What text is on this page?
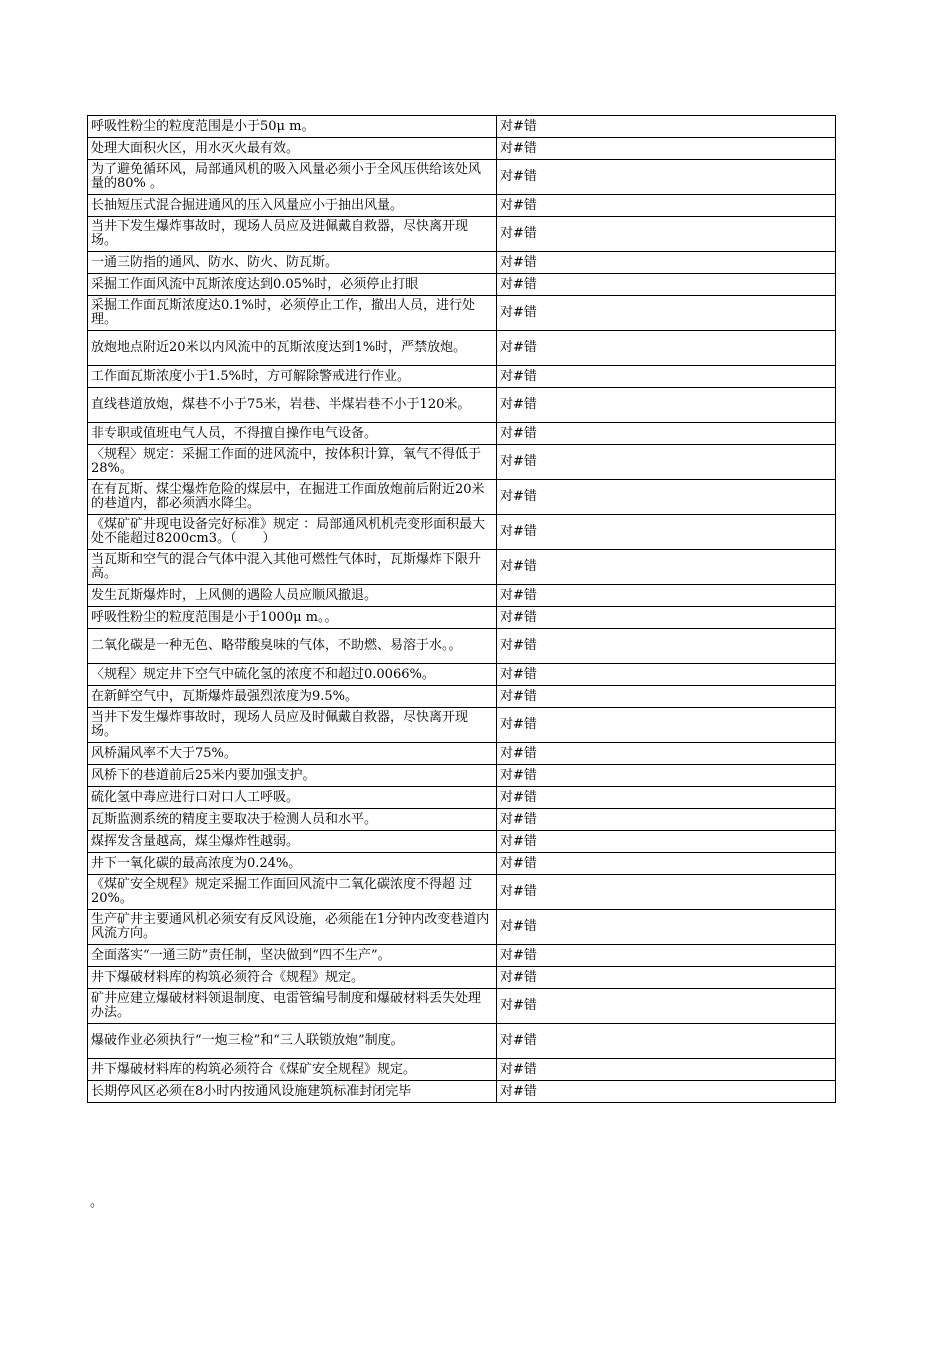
呼吸性粉尘的粒度范围是小于50μ m。	对#错
处理大面积火区，用水灭火最有效。	对#错
为了避免循环风，局部通风机的吸入风量必须小于全风压供给该处风量的80% 。	对#错
长抽短压式混合掘进通风的压入风量应小于抽出风量。	对#错
当井下发生爆炸事故时，现场人员应及进佩戴自救器，尽快离开现场。	对#错
一通三防指的通风、防水、防火、防瓦斯。	对#错
采掘工作面风流中瓦斯浓度达到0.05%时，必须停止打眼	对#错
采掘工作面瓦斯浓度达0.1%时，必须停止工作，撤出人员，进行处理。	对#错
放炮地点附近20米以内风流中的瓦斯浓度达到1%时，严禁放炮。	对#错
工作面瓦斯浓度小于1.5%时，方可解除警戒进行作业。	对#错
直线巷道放炮，煤巷不小于75米，岩巷、半煤岩巷不小于120米。	对#错
非专职或值班电气人员，不得擅自操作电气设备。	对#错
〈规程〉规定：采掘工作面的进风流中，按体积计算，氧气不得低于28%。	对#错
在有瓦斯、煤尘爆炸危险的煤层中，在掘进工作面放炮前后附近20米的巷道内，都必须洒水降尘。	对#错
《煤矿矿井现电设备完好标准》规定 ：局部通风机机壳变形面积最大处不能超过8200cm3。（　　）	对#错
当瓦斯和空气的混合气体中混入其他可燃性气体时，瓦斯爆炸下限升高。	对#错
发生瓦斯爆炸时，上风侧的遇险人员应顺风撤退。	对#错
呼吸性粉尘的粒度范围是小于1000μ m。。	对#错
二氧化碳是一种无色、略带酸臭味的气体，不助燃、易溶于水。。	对#错
〈规程〉规定井下空气中硫化氢的浓度不和超过0.0066%。	对#错
在新鲜空气中，瓦斯爆炸最强烈浓度为9.5%。	对#错
当井下发生爆炸事故时，现场人员应及时佩戴自救器，尽快离开现场。	对#错
风桥漏风率不大于75%。	对#错
风桥下的巷道前后25米内要加强支护。	对#错
硫化氢中毒应进行口对口人工呼吸。	对#错
瓦斯监测系统的精度主要取决于检测人员和水平。	对#错
煤挥发含量越高，煤尘爆炸性越弱。	对#错
井下一氧化碳的最高浓度为0.24%。	对#错
《煤矿安全规程》规定采掘工作面回风流中二氧化碳浓度不得超 过20%。	对#错
生产矿井主要通风机必须安有反风设施，必须能在1分钟内改变巷道内风流方向。	对#错
全面落实“一通三防”责任制，坚决做到“四不生产”。	对#错
井下爆破材料库的构筑必须符合《规程》规定。	对#错
矿井应建立爆破材料领退制度、电雷管编号制度和爆破材料丢失处理办法。	对#错
爆破作业必须执行“一炮三检”和“三人联锁放炮”制度。	对#错
井下爆破材料库的构筑必须符合《煤矿安全规程》规定。	对#错
长期停风区必须在8小时内按通风设施建筑标准封闭完毕	对#错
。
